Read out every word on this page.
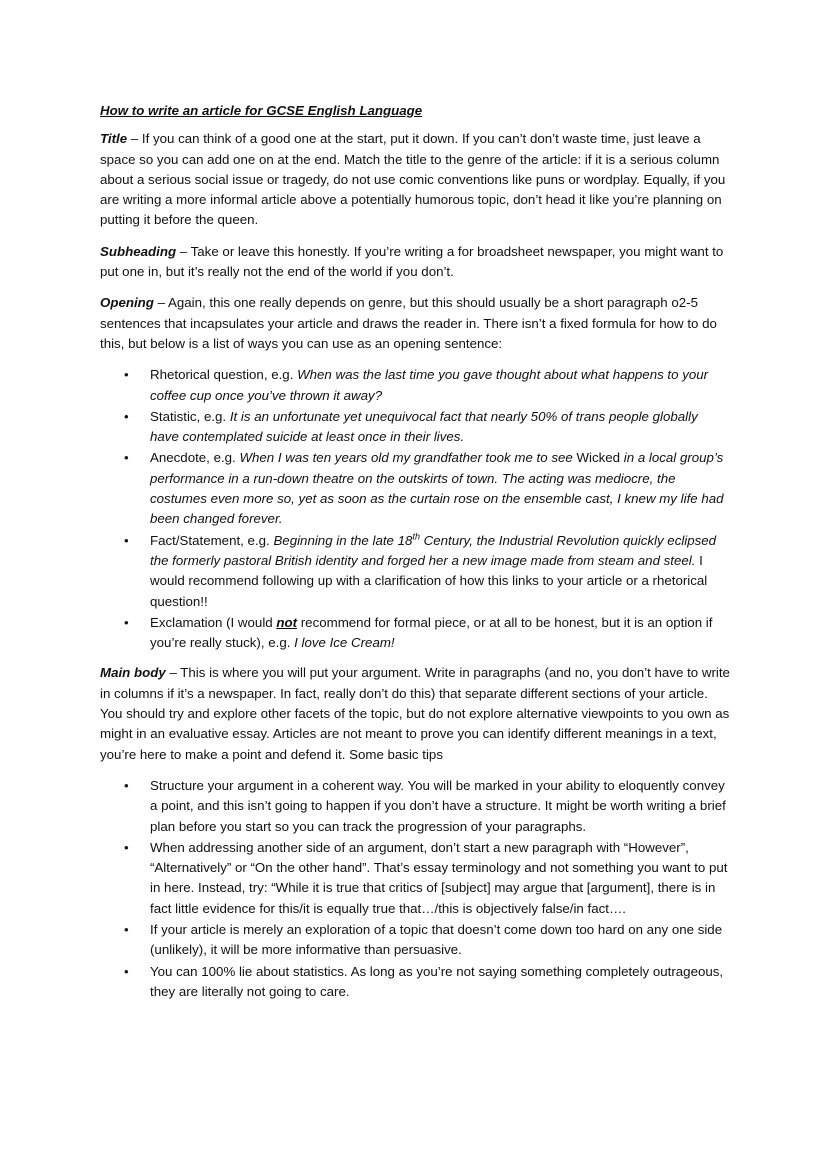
How to write an article for GCSE English Language

Title – If you can think of a good one at the start, put it down. If you can’t don’t waste time, just leave a space so you can add one on at the end. Match the title to the genre of the article: if it is a serious column about a serious social issue or tragedy, do not use comic conventions like puns or wordplay. Equally, if you are writing a more informal article above a potentially humorous topic, don’t head it like you’re planning on putting it before the queen.

Subheading – Take or leave this honestly. If you’re writing a for broadsheet newspaper, you might want to put one in, but it’s really not the end of the world if you don’t.

Opening – Again, this one really depends on genre, but this should usually be a short paragraph o2-5 sentences that incapsulates your article and draws the reader in. There isn’t a fixed formula for how to do this, but below is a list of ways you can use as an opening sentence:

• Rhetorical question, e.g. When was the last time you gave thought about what happens to your coffee cup once you’ve thrown it away?
• Statistic, e.g. It is an unfortunate yet unequivocal fact that nearly 50% of trans people globally have contemplated suicide at least once in their lives.
• Anecdote, e.g. When I was ten years old my grandfather took me to see Wicked in a local group’s performance in a run-down theatre on the outskirts of town. The acting was mediocre, the costumes even more so, yet as soon as the curtain rose on the ensemble cast, I knew my life had been changed forever.
• Fact/Statement, e.g. Beginning in the late 18th Century, the Industrial Revolution quickly eclipsed the formerly pastoral British identity and forged her a new image made from steam and steel. I would recommend following up with a clarification of how this links to your article or a rhetorical question!!
• Exclamation (I would not recommend for formal piece, or at all to be honest, but it is an option if you’re really stuck), e.g. I love Ice Cream!

Main body – This is where you will put your argument. Write in paragraphs (and no, you don’t have to write in columns if it’s a newspaper. In fact, really don’t do this) that separate different sections of your article. You should try and explore other facets of the topic, but do not explore alternative viewpoints to you own as might in an evaluative essay. Articles are not meant to prove you can identify different meanings in a text, you’re here to make a point and defend it. Some basic tips

• Structure your argument in a coherent way. You will be marked in your ability to eloquently convey a point, and this isn’t going to happen if you don’t have a structure. It might be worth writing a brief plan before you start so you can track the progression of your paragraphs.
• When addressing another side of an argument, don’t start a new paragraph with “However”, “Alternatively” or “On the other hand”. That’s essay terminology and not something you want to put in here. Instead, try: “While it is true that critics of [subject] may argue that [argument], there is in fact little evidence for this/it is equally true that…/this is objectively false/in fact….
• If your article is merely an exploration of a topic that doesn’t come down too hard on any one side (unlikely), it will be more informative than persuasive.
• You can 100% lie about statistics. As long as you’re not saying something completely outrageous, they are literally not going to care.
